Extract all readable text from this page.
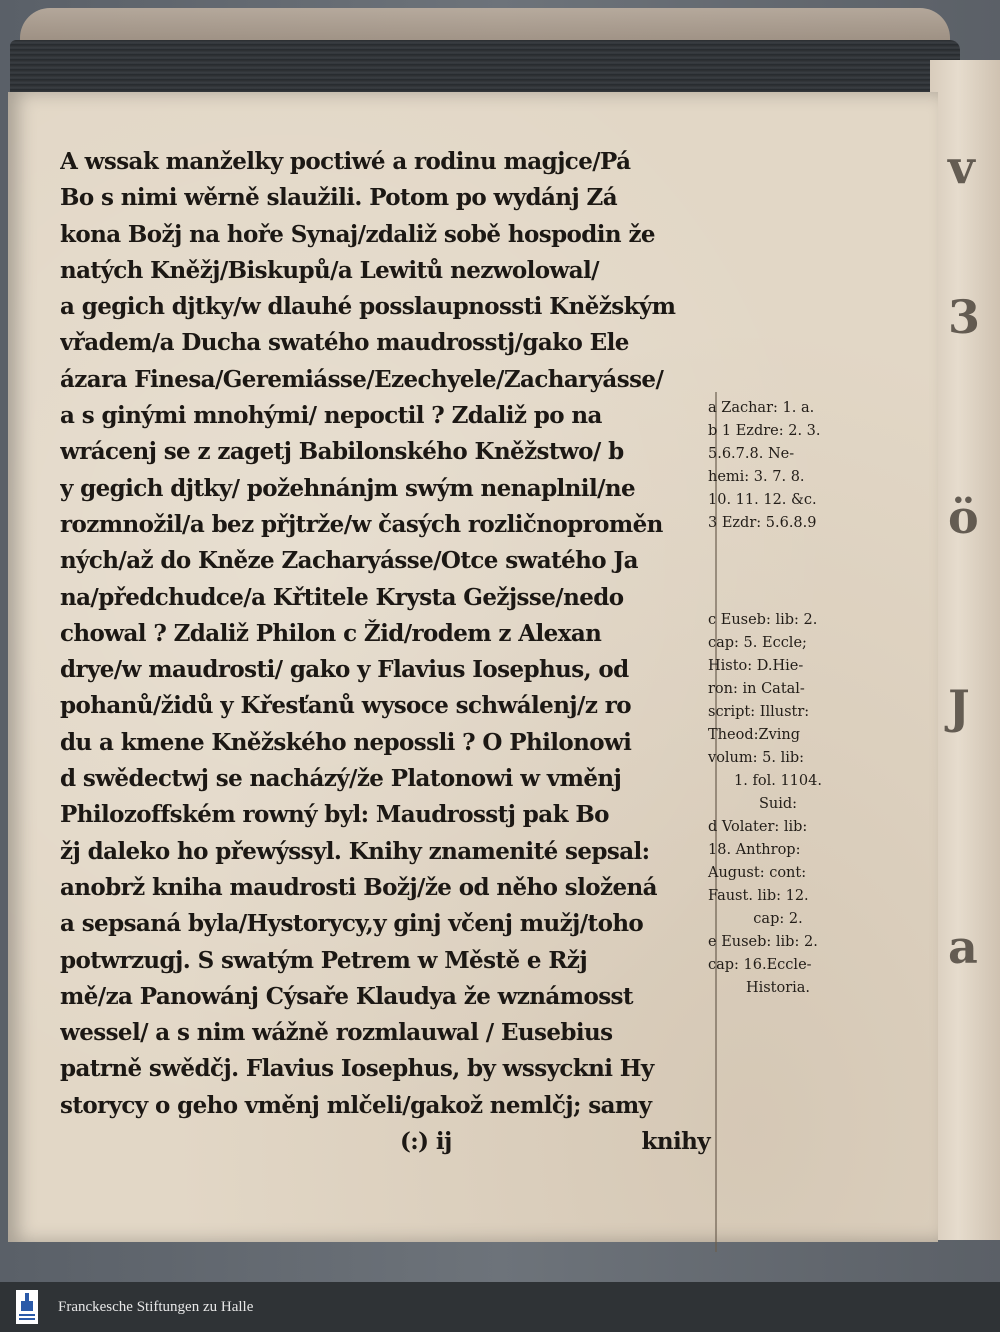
v
3
ö
J
a
A wssak manželky poctiwé a rodinu magjce/Pá
Bo s nimi wěrně slaužili. Potom po wydánj Zá
kona Božj na hoře Synaj/zdaliž sobě hospodin že
natých Kněžj/Biskupů/a Lewitů nezwolowal/
a gegich djtky/w dlauhé posslaupnossti Kněžským
vřadem/a Ducha swatého maudrosstj/gako Ele
ázara Finesa/Geremiásse/Ezechyele/Zacharyásse/
a s ginými mnohými/ nepoctil ? Zdaliž po na
wrácenj se z zagetj Babilonského Kněžstwo/ b
y gegich djtky/ požehnánjm swým nenaplnil/ne
rozmnožil/a bez přjtrže/w časých rozličnoproměn
ných/až do Kněze Zacharyásse/Otce swatého Ja
na/předchudce/a Křtitele Krysta Gežjsse/nedo
chowal ? Zdaliž Philon c Žid/rodem z Alexan
drye/w maudrosti/ gako y Flavius Iosephus, od
pohanů/židů y Křesťanů wysoce schwálenj/z ro
du a kmene Kněžského nepossli ? O Philonowi
d swědectwj se nacházý/že Platonowi w vměnj
Philozoffském rowný byl: Maudrosstj pak Bo
žj daleko ho přewýssyl. Knihy znamenité sepsal:
anobrž kniha maudrosti Božj/že od něho složená
a sepsaná byla/Hystorycy,y ginj včenj mužj/toho
potwrzugj. S swatým Petrem w Městě e Ržj
mě/za Panowánj Cýsaře Klaudya že wznámosst
wessel/ a s nim wážně rozmlauwal / Eusebius
patrně swědčj. Flavius Iosephus, by wssyckni Hy
storycy o geho vměnj mlčeli/gakož nemlčj; samy
(:) ij	knihy
a Zachar: 1. a.
b 1 Ezdre: 2. 3.
5.6.7.8. Ne-
hemi: 3. 7. 8.
10. 11. 12. &c.
3 Ezdr: 5.6.8.9
c Euseb: lib: 2.
cap: 5. Eccle;
Histo: D.Hie-
ron: in Catal-
script: Illustr:
Theod:Zving
volum: 5. lib:
1. fol. 1104.
Suid:
d Volater: lib:
18. Anthrop:
August: cont:
Faust. lib: 12.
cap: 2.
e Euseb: lib: 2.
cap: 16.Eccle-
Historia.
Franckesche Stiftungen zu Halle
